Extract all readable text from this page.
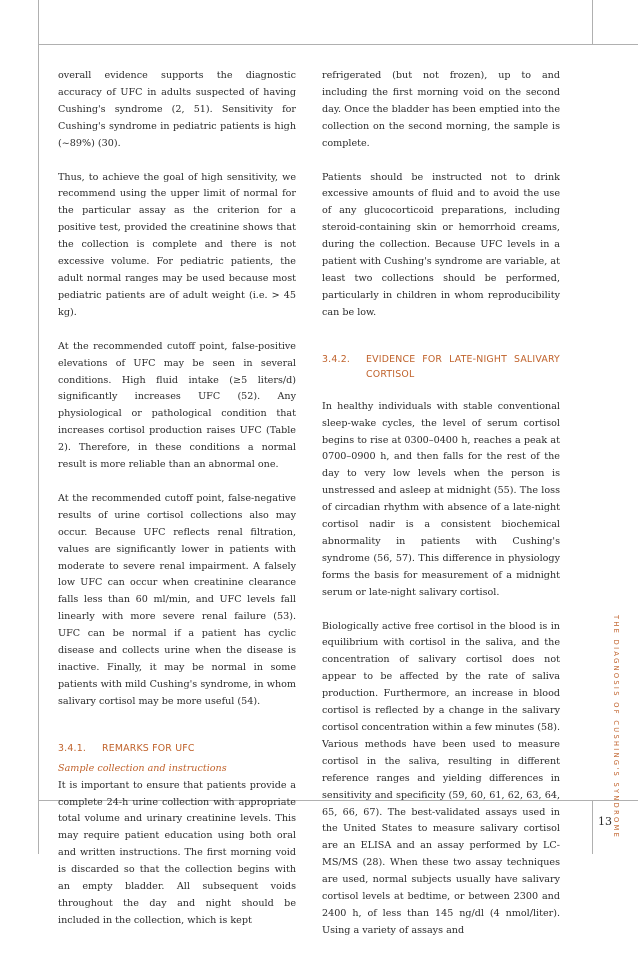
overall evidence supports the diagnostic accuracy of UFC in adults suspected of having Cushing's syndrome (2, 51). Sensitivity for Cushing's syndrome in pediatric patients is high (~89%) (30).

Thus, to achieve the goal of high sensitivity, we recommend using the upper limit of normal for the particular assay as the criterion for a positive test, provided the creatinine shows that the collection is complete and there is not excessive volume. For pediatric patients, the adult normal ranges may be used because most pediatric patients are of adult weight (i.e. > 45 kg).

At the recommended cutoff point, false-positive elevations of UFC may be seen in several conditions. High fluid intake (≥5 liters/d) significantly increases UFC (52). Any physiological or pathological condition that increases cortisol production raises UFC (Table 2). Therefore, in these conditions a normal result is more reliable than an abnormal one.

At the recommended cutoff point, false-negative results of urine cortisol collections also may occur. Because UFC reflects renal filtration, values are significantly lower in patients with moderate to severe renal impairment. A falsely low UFC can occur when creatinine clearance falls less than 60 ml/min, and UFC levels fall linearly with more severe renal failure (53). UFC can be normal if a patient has cyclic disease and collects urine when the disease is inactive. Finally, it may be normal in some patients with mild Cushing's syndrome, in whom salivary cortisol may be more useful (54).

3.4.1.	REMARKS FOR UFC
Sample collection and instructions

It is important to ensure that patients provide a complete 24-h urine collection with appropriate total volume and urinary creatinine levels. This may require patient education using both oral and written instructions. The first morning void is discarded so that the collection begins with an empty bladder. All subsequent voids throughout the day and night should be included in the collection, which is kept

refrigerated (but not frozen), up to and including the first morning void on the second day. Once the bladder has been emptied into the collection on the second morning, the sample is complete.

Patients should be instructed not to drink excessive amounts of fluid and to avoid the use of any glucocorticoid preparations, including steroid-containing skin or hemorrhoid creams, during the collection. Because UFC levels in a patient with Cushing's syndrome are variable, at least two collections should be performed, particularly in children in whom reproducibility can be low.

3.4.2.	EVIDENCE FOR LATE-NIGHT SALIVARY CORTISOL

In healthy individuals with stable conventional sleep-wake cycles, the level of serum cortisol begins to rise at 0300–0400 h, reaches a peak at 0700–0900 h, and then falls for the rest of the day to very low levels when the person is unstressed and asleep at midnight (55). The loss of circadian rhythm with absence of a late-night cortisol nadir is a consistent biochemical abnormality in patients with Cushing's syndrome (56, 57). This difference in physiology forms the basis for measurement of a midnight serum or late-night salivary cortisol.

Biologically active free cortisol in the blood is in equilibrium with cortisol in the saliva, and the concentration of salivary cortisol does not appear to be affected by the rate of saliva production. Furthermore, an increase in blood cortisol is reflected by a change in the salivary cortisol concentration within a few minutes (58). Various methods have been used to measure cortisol in the saliva, resulting in different reference ranges and yielding differences in sensitivity and specificity (59, 60, 61, 62, 63, 64, 65, 66, 67). The best-validated assays used in the United States to measure salivary cortisol are an ELISA and an assay performed by LC-MS/MS (28). When these two assay techniques are used, normal subjects usually have salivary cortisol levels at bedtime, or between 2300 and 2400 h, of less than 145 ng/dl (4 nmol/liter). Using a variety of assays and

THE DIAGNOSIS OF CUSHING'S SYNDROME
13
